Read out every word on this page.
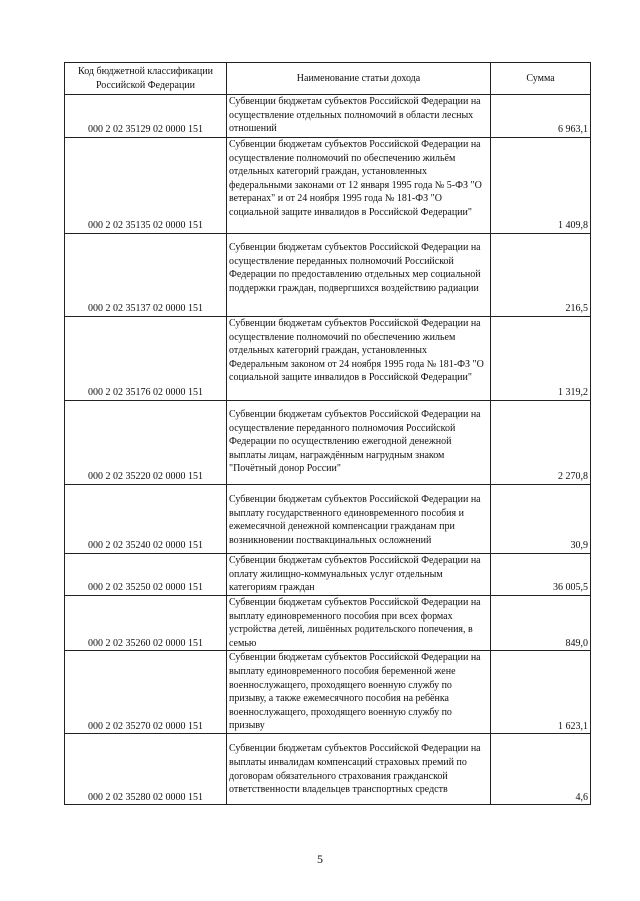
Код бюджетной классификации Российской Федерации	Наименование статьи дохода	Сумма
000 2 02 35129 02 0000 151	Субвенции бюджетам субъектов Российской Федерации на осуществление отдельных полномочий в области лесных отношений	6 963,1
000 2 02 35135 02 0000 151	Субвенции бюджетам субъектов Российской Федерации на осуществление полномочий по обеспечению жильём отдельных категорий граждан, установленных федеральными законами от 12 января 1995 года № 5-ФЗ "О ветеранах" и от 24 ноября 1995 года № 181-ФЗ "О социальной защите инвалидов в Российской Федерации"	1 409,8
000 2 02 35137 02 0000 151	Субвенции бюджетам субъектов Российской Федерации на осуществление переданных полномочий Российской Федерации по предоставлению отдельных мер социальной поддержки граждан, подвергшихся воздействию радиации	216,5
000 2 02 35176 02 0000 151	Субвенции бюджетам субъектов Российской Федерации на осуществление полномочий по обеспечению жильем отдельных категорий граждан, установленных Федеральным законом от 24 ноября 1995 года № 181-ФЗ "О социальной защите инвалидов в Российской Федерации"	1 319,2
000 2 02 35220 02 0000 151	Субвенции бюджетам субъектов Российской Федерации на осуществление переданного полномочия Российской Федерации по осуществлению ежегодной денежной выплаты лицам, награждённым нагрудным знаком "Почётный донор России"	2 270,8
000 2 02 35240 02 0000 151	Субвенции бюджетам субъектов Российской Федерации на выплату государственного единовременного пособия и ежемесячной денежной компенсации гражданам при возникновении поствакцинальных осложнений	30,9
000 2 02 35250 02 0000 151	Субвенции бюджетам субъектов Российской Федерации на оплату жилищно-коммунальных услуг отдельным категориям граждан	36 005,5
000 2 02 35260 02 0000 151	Субвенции бюджетам субъектов Российской Федерации на выплату единовременного пособия при всех формах устройства детей, лишённых родительского попечения, в семью	849,0
000 2 02 35270 02 0000 151	Субвенции бюджетам субъектов Российской Федерации на выплату единовременного пособия беременной жене военнослужащего, проходящего военную службу по призыву, а также ежемесячного пособия на ребёнка военнослужащего, проходящего военную службу по призыву	1 623,1
000 2 02 35280 02 0000 151	Субвенции бюджетам субъектов Российской Федерации на выплаты инвалидам компенсаций страховых премий по договорам обязательного страхования гражданской ответственности владельцев транспортных средств	4,6
5
